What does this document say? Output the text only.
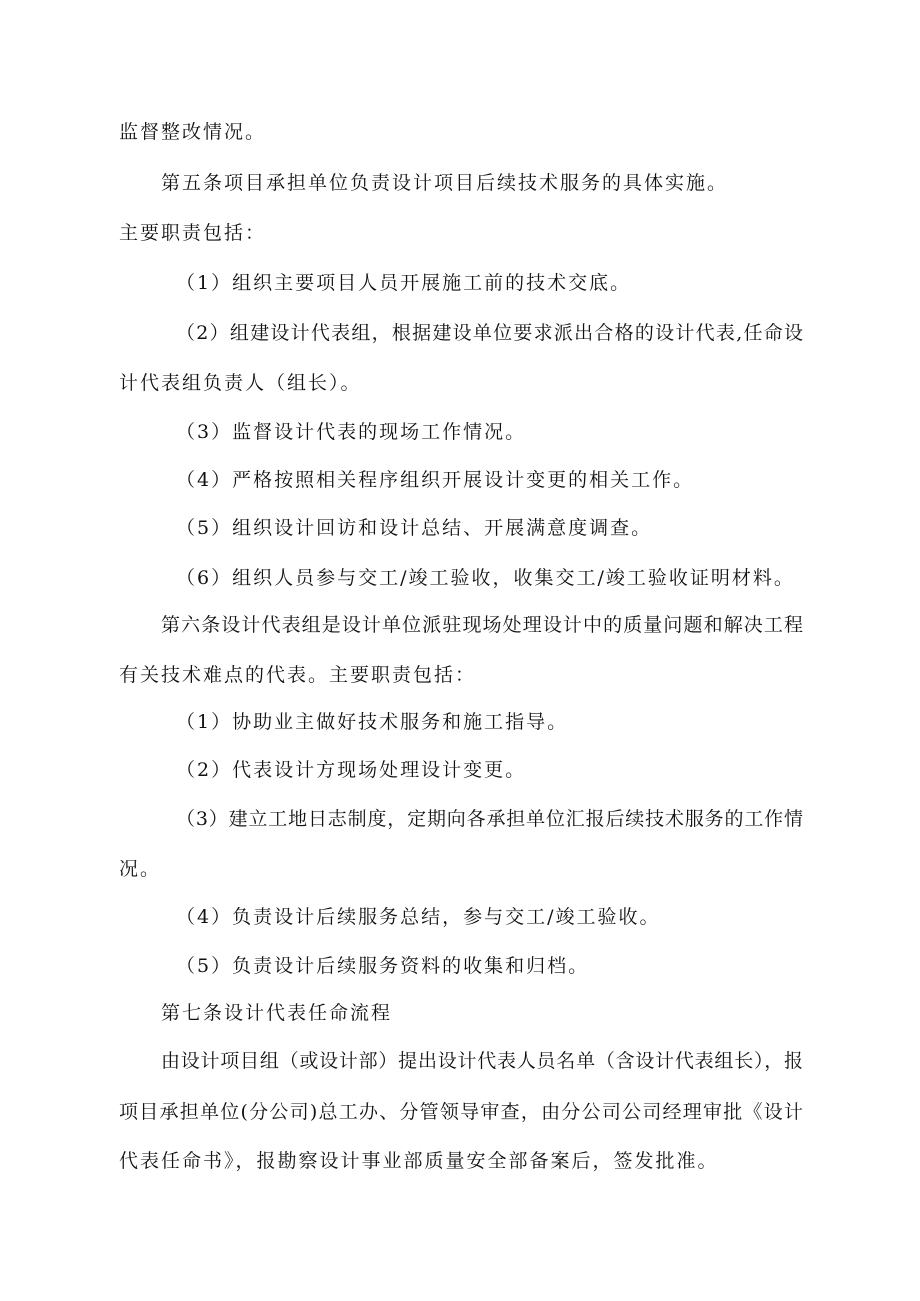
监督整改情况。
第五条项目承担单位负责设计项目后续技术服务的具体实施。
主要职责包括：
（1）组织主要项目人员开展施工前的技术交底。
（2）组建设计代表组，根据建设单位要求派出合格的设计代表,任命设
计代表组负责人（组长）。
（3）监督设计代表的现场工作情况。
（4）严格按照相关程序组织开展设计变更的相关工作。
（5）组织设计回访和设计总结、开展满意度调查。
（6）组织人员参与交工/竣工验收，收集交工/竣工验收证明材料。
第六条设计代表组是设计单位派驻现场处理设计中的质量问题和解决工程
有关技术难点的代表。主要职责包括：
（1）协助业主做好技术服务和施工指导。
（2）代表设计方现场处理设计变更。
（3）建立工地日志制度，定期向各承担单位汇报后续技术服务的工作情
况。
（4）负责设计后续服务总结，参与交工/竣工验收。
（5）负责设计后续服务资料的收集和归档。
第七条设计代表任命流程
由设计项目组（或设计部）提出设计代表人员名单（含设计代表组长），报
项目承担单位(分公司)总工办、分管领导审查，由分公司公司经理审批《设计
代表任命书》，报勘察设计事业部质量安全部备案后，签发批准。
